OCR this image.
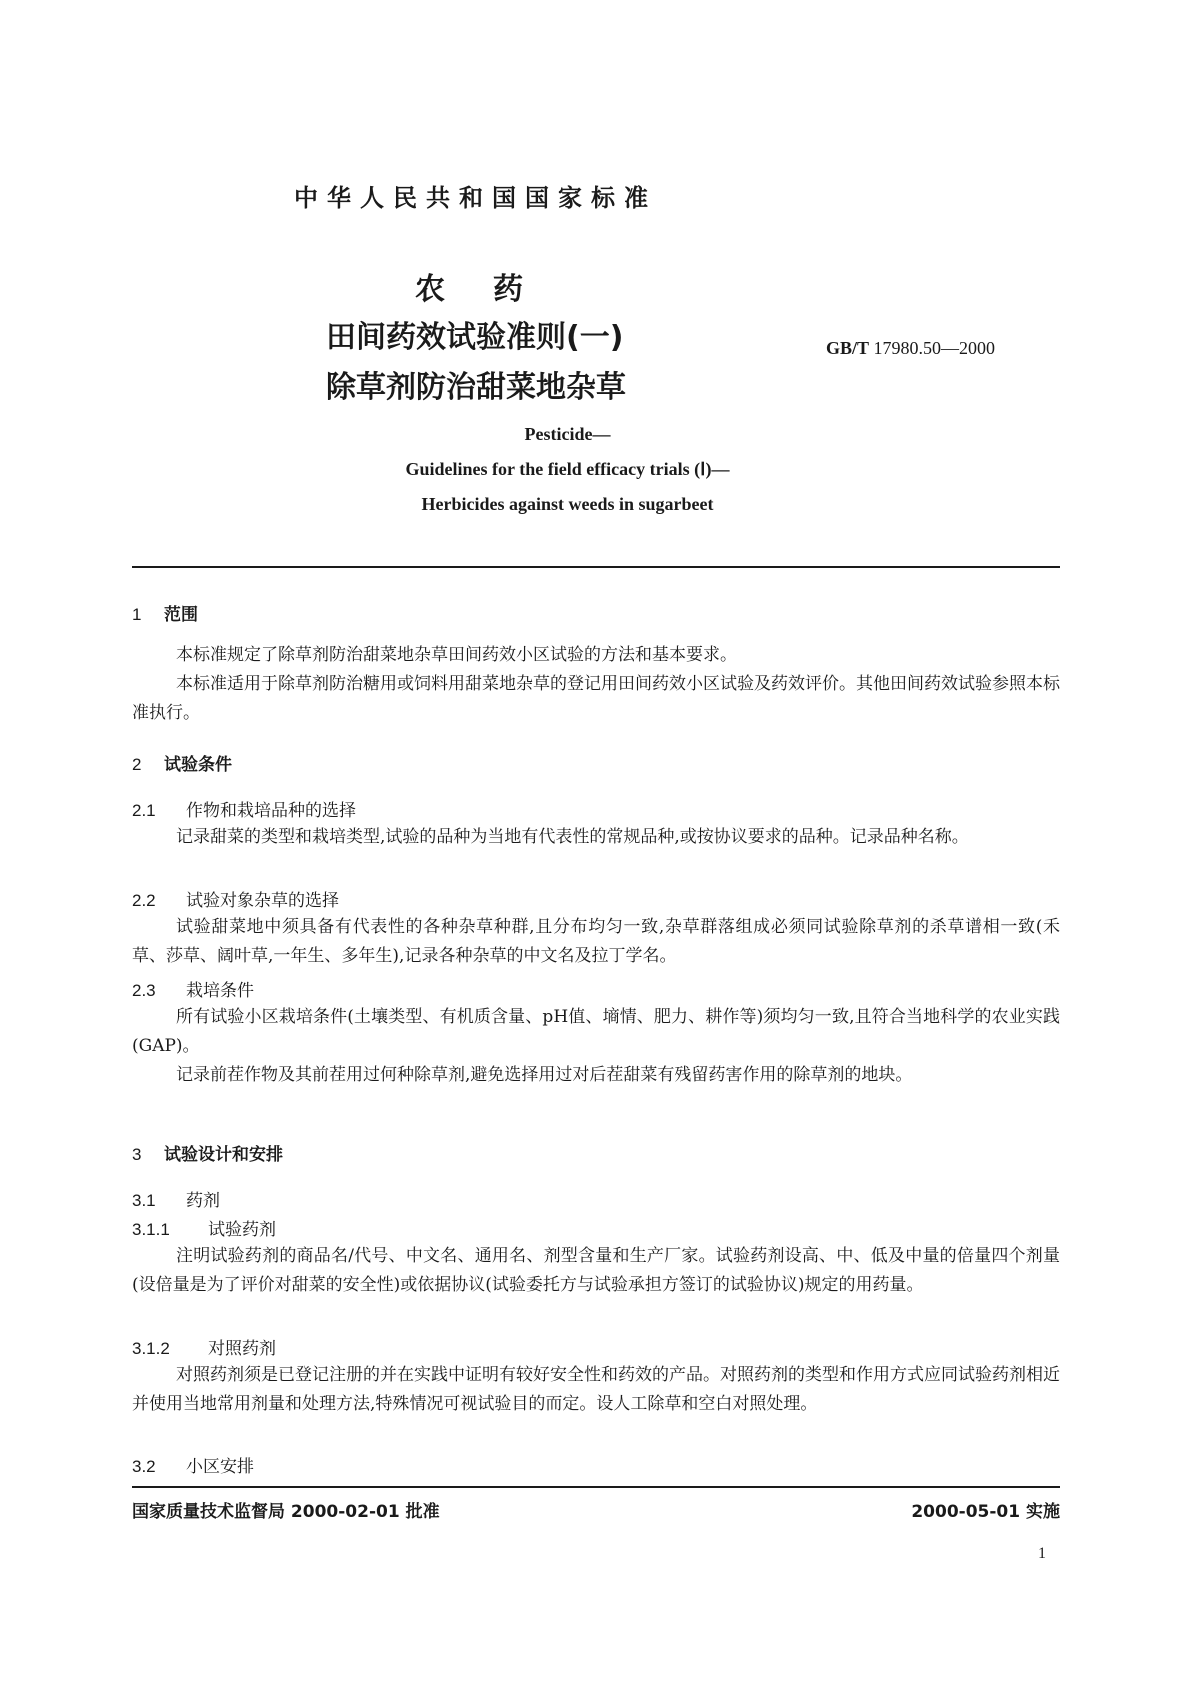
中华人民共和国国家标准
农药
田间药效试验准则(一)
除草剂防治甜菜地杂草
GB/T 17980.50—2000
Pesticide—
Guidelines for the field efficacy trials (Ⅰ)—
Herbicides against weeds in sugarbeet
1 范围
本标准规定了除草剂防治甜菜地杂草田间药效小区试验的方法和基本要求。
本标准适用于除草剂防治糖用或饲料用甜菜地杂草的登记用田间药效小区试验及药效评价。其他田间药效试验参照本标准执行。
2 试验条件
2.1 作物和栽培品种的选择
记录甜菜的类型和栽培类型,试验的品种为当地有代表性的常规品种,或按协议要求的品种。记录品种名称。
2.2 试验对象杂草的选择
试验甜菜地中须具备有代表性的各种杂草种群,且分布均匀一致,杂草群落组成必须同试验除草剂的杀草谱相一致(禾草、莎草、阔叶草,一年生、多年生),记录各种杂草的中文名及拉丁学名。
2.3 栽培条件
所有试验小区栽培条件(土壤类型、有机质含量、pH值、墒情、肥力、耕作等)须均匀一致,且符合当地科学的农业实践(GAP)。
记录前茬作物及其前茬用过何种除草剂,避免选择用过对后茬甜菜有残留药害作用的除草剂的地块。
3 试验设计和安排
3.1 药剂
3.1.1 试验药剂
注明试验药剂的商品名/代号、中文名、通用名、剂型含量和生产厂家。试验药剂设高、中、低及中量的倍量四个剂量(设倍量是为了评价对甜菜的安全性)或依据协议(试验委托方与试验承担方签订的试验协议)规定的用药量。
3.1.2 对照药剂
对照药剂须是已登记注册的并在实践中证明有较好安全性和药效的产品。对照药剂的类型和作用方式应同试验药剂相近并使用当地常用剂量和处理方法,特殊情况可视试验目的而定。设人工除草和空白对照处理。
3.2 小区安排
国家质量技术监督局 2000-02-01 批准	2000-05-01 实施
1
